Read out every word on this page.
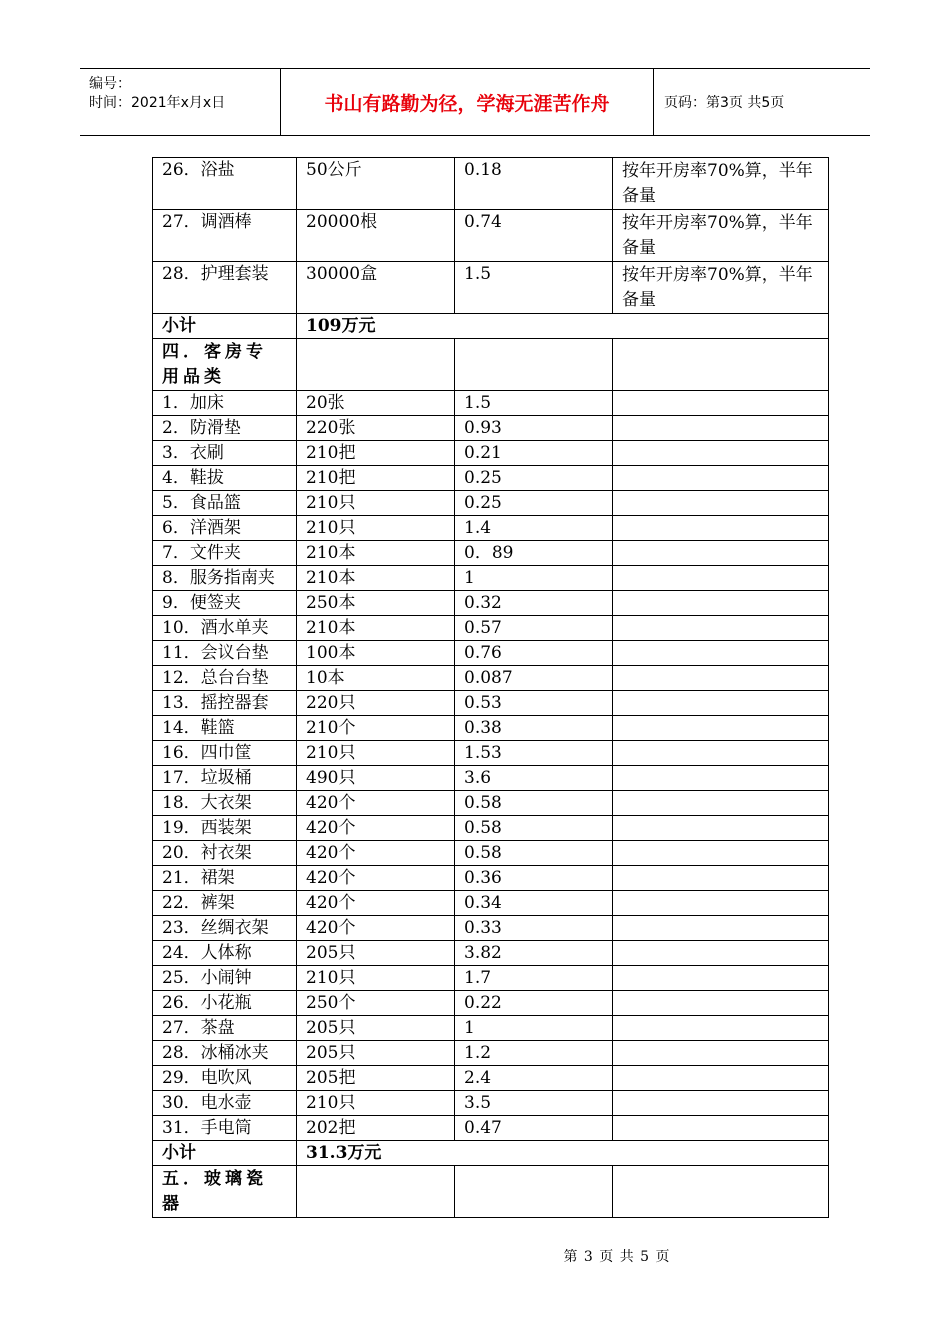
编号：
时间：2021年x月x日	书山有路勤为径，学海无涯苦作舟	页码：第3页 共5页
26．浴盐	50公斤	0.18	按年开房率70%算，半年备量
27．调酒棒	20000根	0.74	按年开房率70%算，半年备量
28．护理套装	30000盒	1.5	按年开房率70%算，半年备量
小计	109万元		
四．客房专用品类			
1．加床	20张	1.5	
2．防滑垫	220张	0.93	
3．衣刷	210把	0.21	
4．鞋拔	210把	0.25	
5．食品篮	210只	0.25	
6．洋酒架	210只	1.4	
7．文件夹	210本	0．89	
8．服务指南夹	210本	1	
9．便签夹	250本	0.32	
10．酒水单夹	210本	0.57	
11．会议台垫	100本	0.76	
12．总台台垫	10本	0.087	
13．摇控器套	220只	0.53	
14．鞋篮	210个	0.38	
16．四巾筐	210只	1.53	
17．垃圾桶	490只	3.6	
18．大衣架	420个	0.58	
19．西装架	420个	0.58	
20．衬衣架	420个	0.58	
21．裙架	420个	0.36	
22．裤架	420个	0.34	
23．丝绸衣架	420个	0.33	
24．人体称	205只	3.82	
25．小闹钟	210只	1.7	
26．小花瓶	250个	0.22	
27．茶盘	205只	1	
28．冰桶冰夹	205只	1.2	
29．电吹风	205把	2.4	
30．电水壶	210只	3.5	
31．手电筒	202把	0.47	
小计	31.3万元		
五．玻璃瓷器			
第 3 页 共 5 页
